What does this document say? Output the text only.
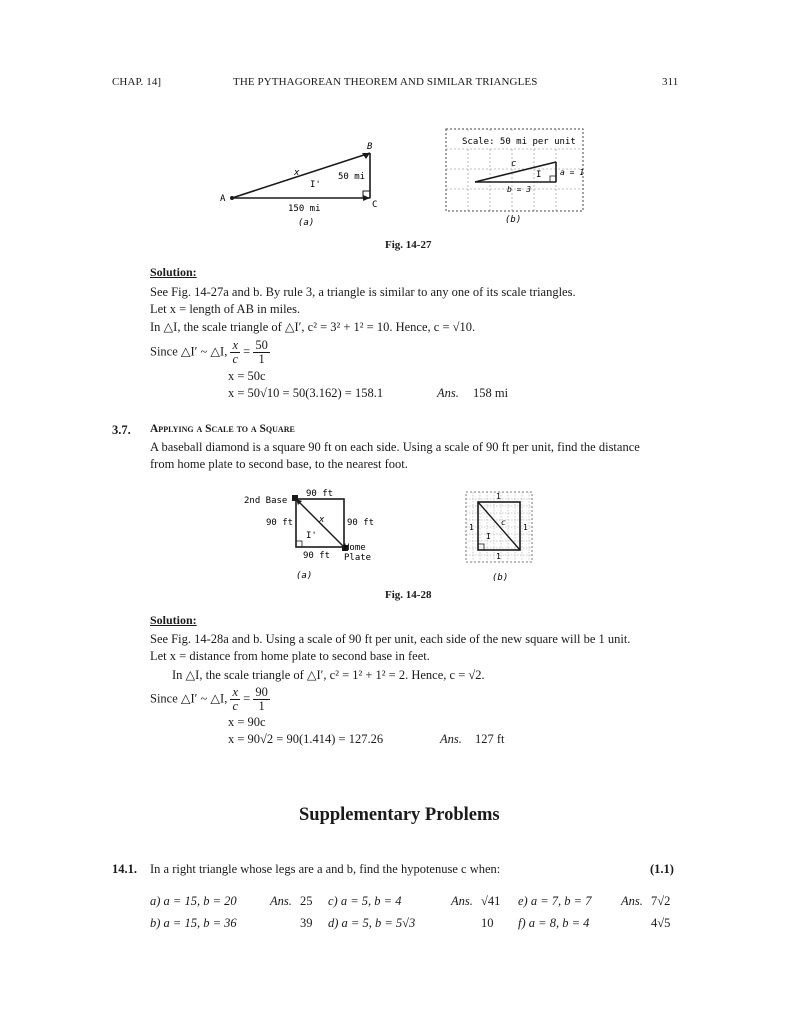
CHAP. 14]	THE PYTHAGOREAN THEOREM AND SIMILAR TRIANGLES	311
B
A
C
x
I'
50 mi
150 mi
(a)
Scale: 50 mi per unit
c
I a = 1
b = 3
(b)
Fig. 14-27
Solution:
See Fig. 14-27a and b. By rule 3, a triangle is similar to any one of its scale triangles.
Let x = length of AB in miles.
In △I, the scale triangle of △I′, c² = 3² + 1² = 10. Hence, c = √10.
Since △I′ ~ △I, $\frac{x}{c} = \frac{50}{1}$
x = 50c
x = 50√10 = 50(3.162) = 158.1	Ans. 158 mi
3.7. Applying a Scale to a Square
A baseball diamond is a square 90 ft on each side. Using a scale of 90 ft per unit, find the distance
from home plate to second base, to the nearest foot.
90 ft
2nd Base
90 ft	90 ft
x
I'
Home
Plate
90 ft
(a)
1
1	1
1
c
I
(b)
Fig. 14-28
Solution:
See Fig. 14-28a and b. Using a scale of 90 ft per unit, each side of the new square will be 1 unit.
Let x = distance from home plate to second base in feet.
In △I, the scale triangle of △I′, c² = 1² + 1² = 2. Hence, c = √2.
Since △I′ ~ △I, $\frac{x}{c} = \frac{90}{1}$
x = 90c
x = 90√2 = 90(1.414) = 127.26	Ans. 127 ft
Supplementary Problems
14.1. In a right triangle whose legs are a and b, find the hypotenuse c when:	(1.1)
a) a = 15, b = 20	Ans. 25 c) a = 5, b = 4	Ans. √41 e) a = 7, b = 7 Ans. 7√2
b) a = 15, b = 36	39 d) a = 5, b = 5√3	10 f) a = 8, b = 4	4√5
